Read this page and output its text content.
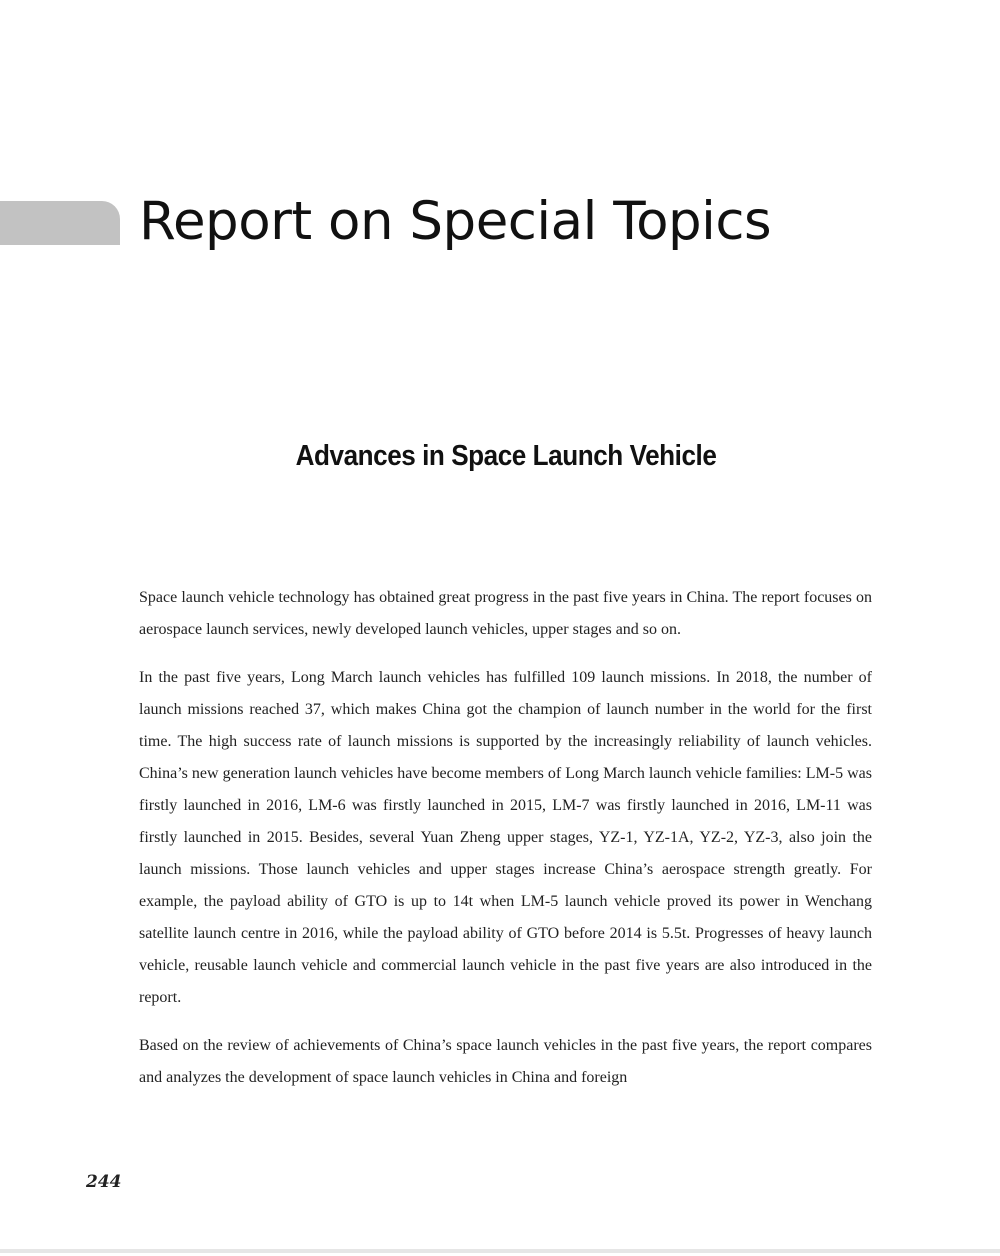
Report on Special Topics
Advances in Space Launch Vehicle

Space launch vehicle technology has obtained great progress in the past five years in China. The report focuses on aerospace launch services, newly developed launch vehicles, upper stages and so on.

In the past five years, Long March launch vehicles has fulfilled 109 launch missions. In 2018, the number of launch missions reached 37, which makes China got the champion of launch number in the world for the first time. The high success rate of launch missions is supported by the increasingly reliability of launch vehicles. China’s new generation launch vehicles have become members of Long March launch vehicle families: LM-5 was firstly launched in 2016, LM-6 was firstly launched in 2015, LM-7 was firstly launched in 2016, LM-11 was firstly launched in 2015. Besides, several Yuan Zheng upper stages, YZ-1, YZ-1A, YZ-2, YZ-3, also join the launch missions. Those launch vehicles and upper stages increase China’s aerospace strength greatly. For example, the payload ability of GTO is up to 14t when LM-5 launch vehicle proved its power in Wenchang satellite launch centre in 2016, while the payload ability of GTO before 2014 is 5.5t. Progresses of heavy launch vehicle, reusable launch vehicle and commercial launch vehicle in the past five years are also introduced in the report.

Based on the review of achievements of China’s space launch vehicles in the past five years, the report compares and analyzes the development of space launch vehicles in China and foreign

244
